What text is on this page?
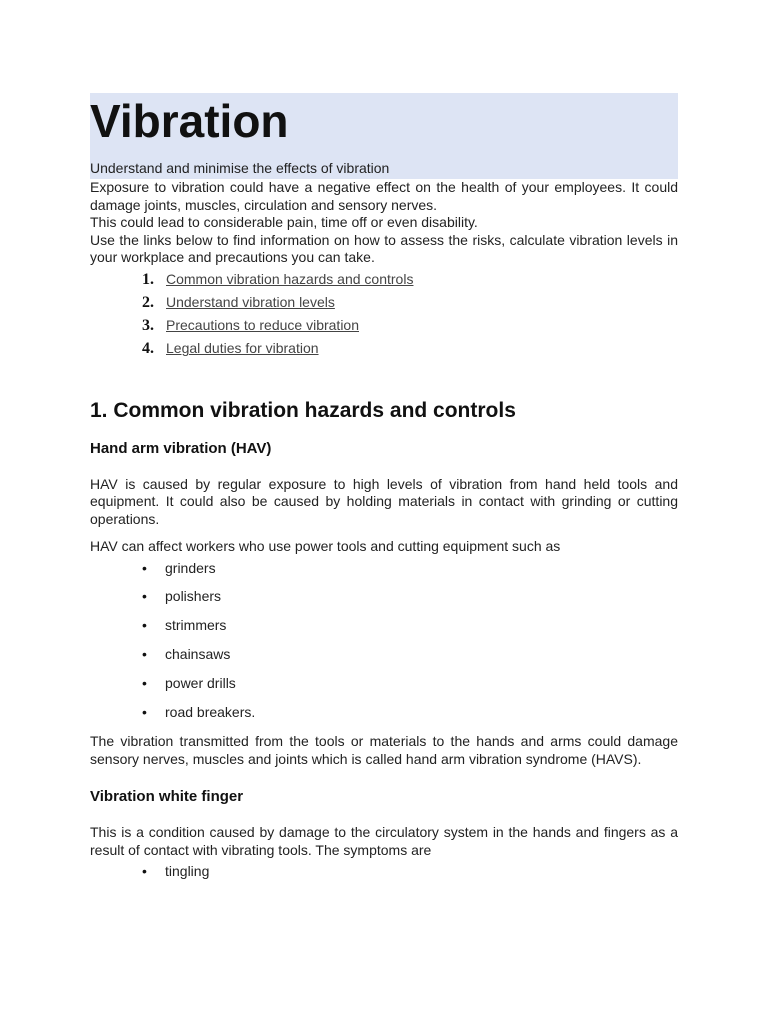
Vibration

Understand and minimise the effects of vibration

Exposure to vibration could have a negative effect on the health of your employees. It could damage joints, muscles, circulation and sensory nerves.

This could lead to considerable pain, time off or even disability.

Use the links below to find information on how to assess the risks, calculate vibration levels in your workplace and precautions you can take.

1. Common vibration hazards and controls
2. Understand vibration levels
3. Precautions to reduce vibration
4. Legal duties for vibration
1. Common vibration hazards and controls
Hand arm vibration (HAV)

HAV is caused by regular exposure to high levels of vibration from hand held tools and equipment. It could also be caused by holding materials in contact with grinding or cutting operations.

HAV can affect workers who use power tools and cutting equipment such as

•	grinders
•	polishers
•	strimmers
•	chainsaws
•	power drills
•	road breakers.

The vibration transmitted from the tools or materials to the hands and arms could damage sensory nerves, muscles and joints which is called hand arm vibration syndrome (HAVS).

Vibration white finger

This is a condition caused by damage to the circulatory system in the hands and fingers as a result of contact with vibrating tools. The symptoms are

•	tingling
